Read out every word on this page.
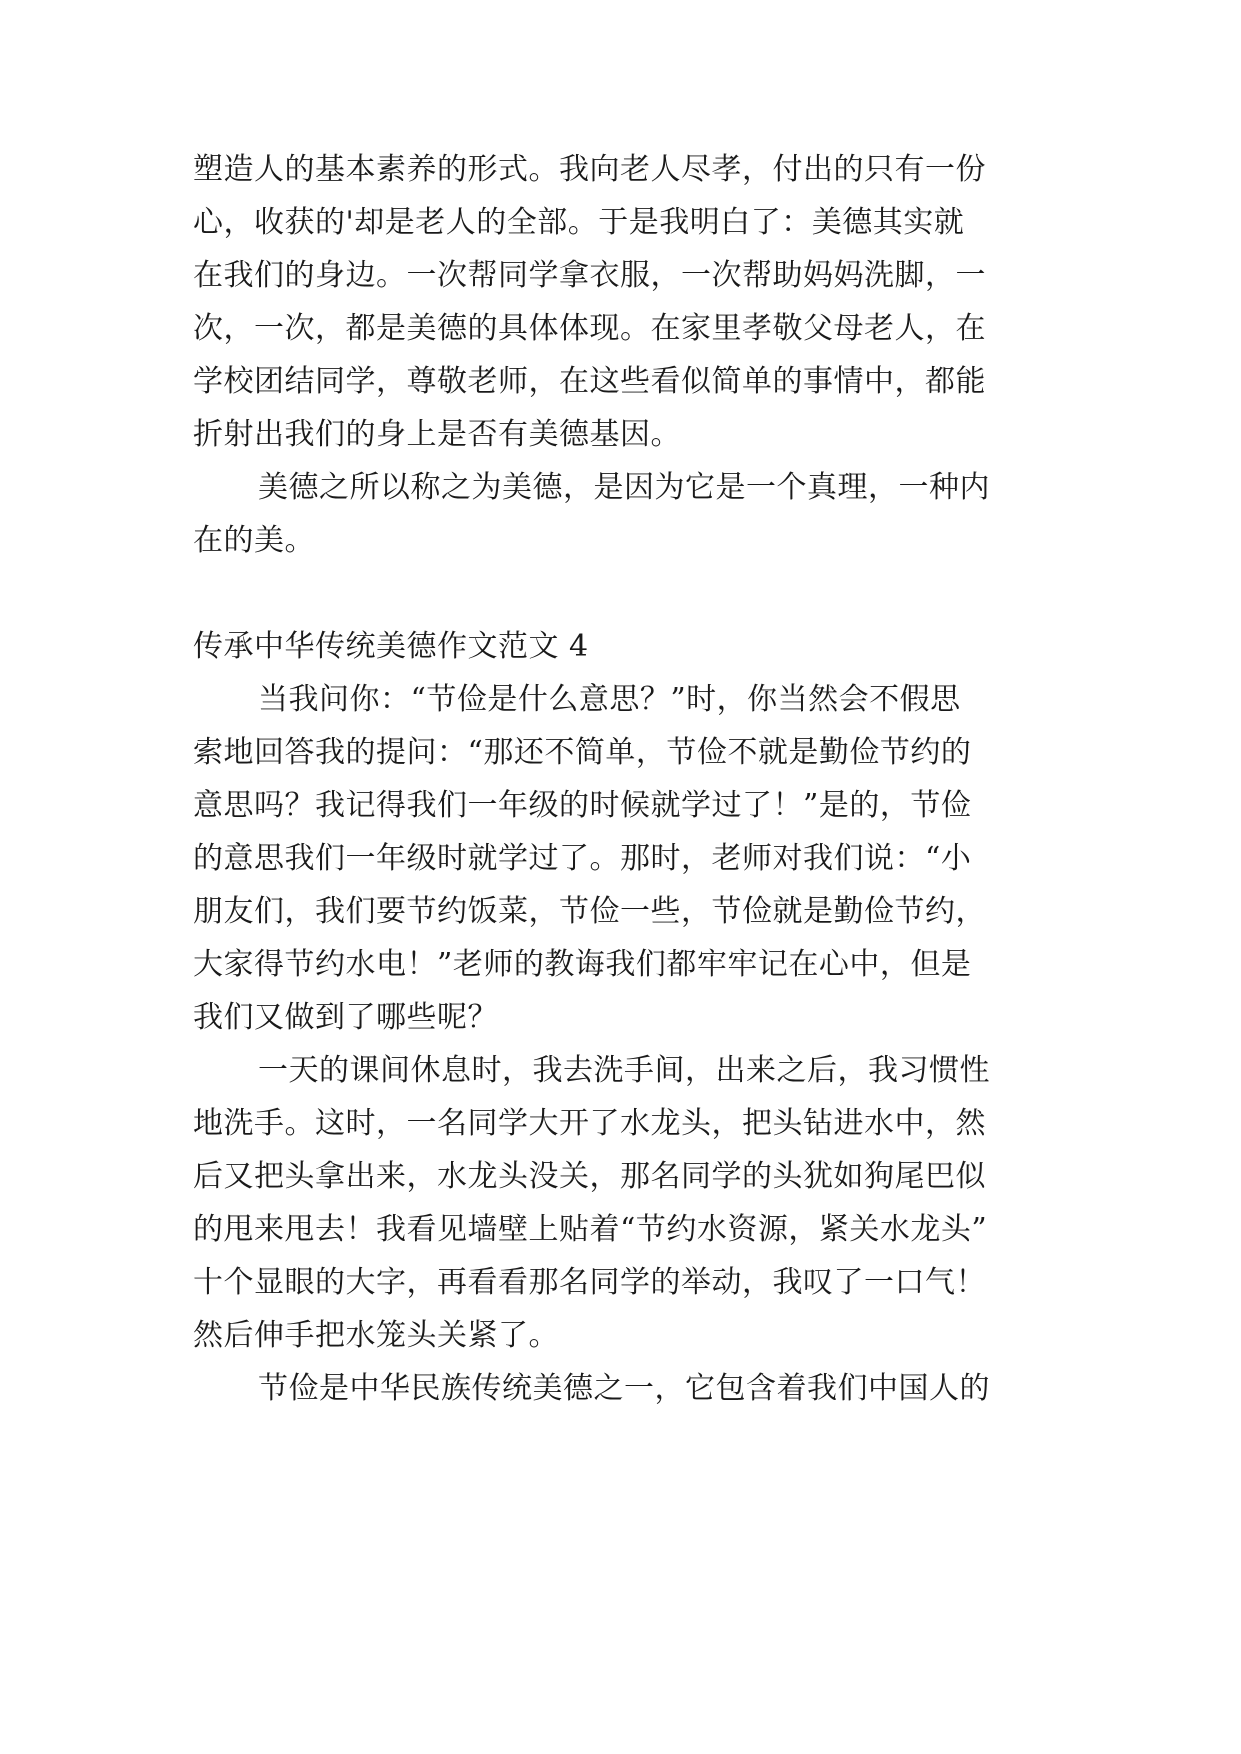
塑造人的基本素养的形式。我向老人尽孝，付出的只有一份
心，收获的'却是老人的全部。于是我明白了：美德其实就
在我们的身边。一次帮同学拿衣服，一次帮助妈妈洗脚，一
次，一次，都是美德的具体体现。在家里孝敬父母老人，在
学校团结同学，尊敬老师，在这些看似简单的事情中，都能
折射出我们的身上是否有美德基因。
美德之所以称之为美德，是因为它是一个真理，一种内
在的美。
传承中华传统美德作文范文 4
当我问你：“节俭是什么意思？”时，你当然会不假思
索地回答我的提问：“那还不简单，节俭不就是勤俭节约的
意思吗？我记得我们一年级的时候就学过了！”是的，节俭
的意思我们一年级时就学过了。那时，老师对我们说：“小
朋友们，我们要节约饭菜，节俭一些，节俭就是勤俭节约，
大家得节约水电！”老师的教诲我们都牢牢记在心中，但是
我们又做到了哪些呢？
一天的课间休息时，我去洗手间，出来之后，我习惯性
地洗手。这时，一名同学大开了水龙头，把头钻进水中，然
后又把头拿出来，水龙头没关，那名同学的头犹如狗尾巴似
的甩来甩去！我看见墙壁上贴着“节约水资源，紧关水龙头”
十个显眼的大字，再看看那名同学的举动，我叹了一口气！
然后伸手把水笼头关紧了。
节俭是中华民族传统美德之一，它包含着我们中国人的
